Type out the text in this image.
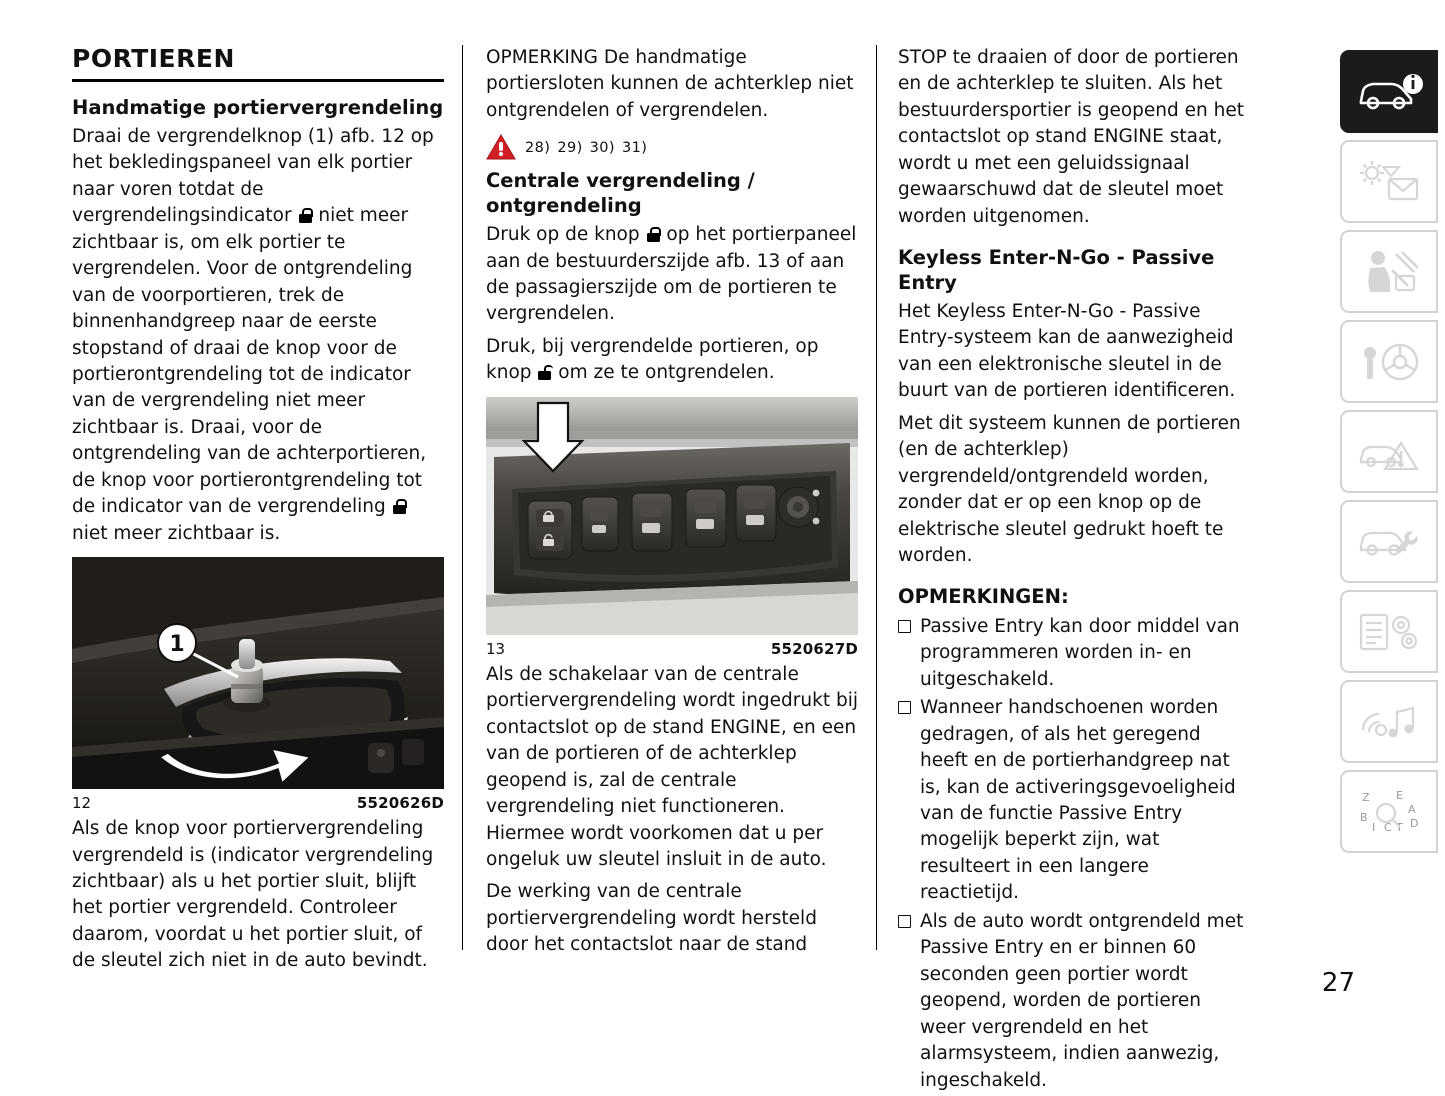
PORTIEREN
Handmatige portiervergrendeling

Draai de vergrendelknop (1) afb. 12 op het bekledingspaneel van elk portier naar voren totdat de vergrendelingsindicator niet meer zichtbaar is, om elk portier te vergrendelen. Voor de ontgrendeling van de voorportieren, trek de binnenhandgreep naar de eerste stopstand of draai de knop voor de portierontgrendeling tot de indicator van de vergrendeling niet meer zichtbaar is. Draai, voor de ontgrendeling van de achterportieren, de knop voor portierontgrendeling tot de indicator van de vergrendeling
niet meer zichtbaar is.

1
12	5520626D

Als de knop voor portiervergrendeling vergrendeld is (indicator vergrendeling zichtbaar) als u het portier sluit, blijft het portier vergrendeld. Controleer daarom, voordat u het portier sluit, of de sleutel zich niet in de auto bevindt.

OPMERKING De handmatige portiersloten kunnen de achterklep niet ontgrendelen of vergrendelen.

28) 29) 30) 31)
Centrale vergrendeling / ontgrendeling

Druk op de knop op het portierpaneel aan de bestuurderszijde afb. 13 of aan de passagierszijde om de portieren te vergrendelen.

Druk, bij vergrendelde portieren, op knop om ze te ontgrendelen.

13	5520627D

Als de schakelaar van de centrale portiervergrendeling wordt ingedrukt bij contactslot op de stand ENGINE, en een van de portieren of de achterklep geopend is, zal de centrale vergrendeling niet functioneren. Hiermee wordt voorkomen dat u per ongeluk uw sleutel insluit in de auto.

De werking van de centrale portiervergrendeling wordt hersteld door het contactslot naar de stand

STOP te draaien of door de portieren en de achterklep te sluiten. Als het bestuurdersportier is geopend en het contactslot op stand ENGINE staat, wordt u met een geluidssignaal gewaarschuwd dat de sleutel moet worden uitgenomen.

Keyless Enter-N-Go - Passive Entry

Het Keyless Enter-N-Go - Passive Entry-systeem kan de aanwezigheid van een elektronische sleutel in de buurt van de portieren identificeren.

Met dit systeem kunnen de portieren (en de achterklep) vergrendeld/ontgrendeld worden, zonder dat er op een knop op de elektrische sleutel gedrukt hoeft te worden.

OPMERKINGEN:
Passive Entry kan door middel van programmeren worden in- en uitgeschakeld.
Wanneer handschoenen worden gedragen, of als het geregend heeft en de portierhandgreep nat is, kan de activeringsgevoeligheid van de functie Passive Entry mogelijk beperkt zijn, wat resulteert in een langere reactietijd.
Als de auto wordt ontgrendeld met Passive Entry en er binnen 60 seconden geen portier wordt geopend, worden de portieren weer vergrendeld en het alarmsysteem, indien aanwezig, ingeschakeld.
Z E
B
A
I C T D
27
